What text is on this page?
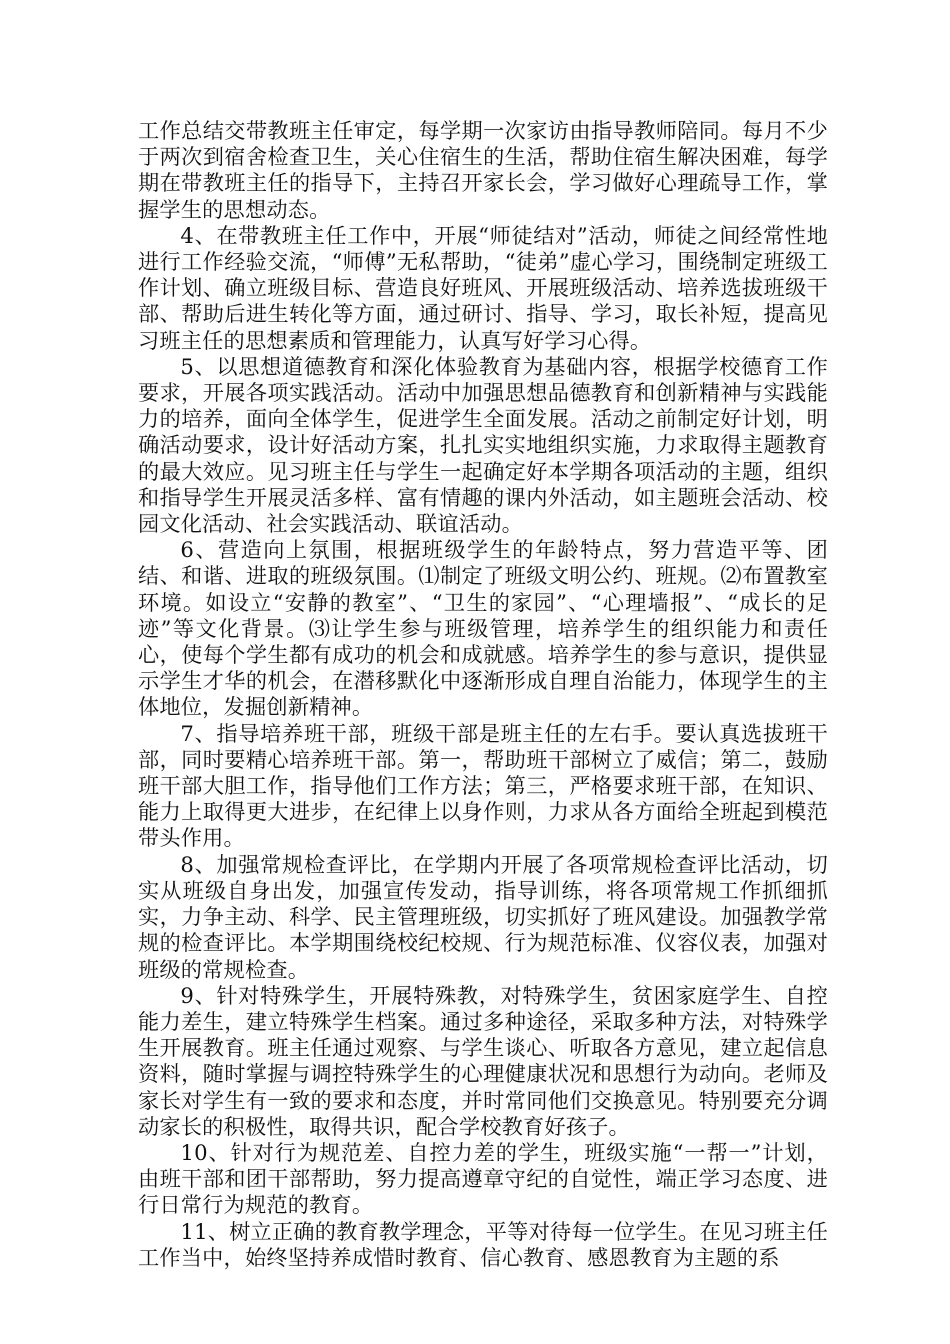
工作总结交带教班主任审定，每学期一次家访由指导教师陪同。每月不少于两次到宿舍检查卫生，关心住宿生的生活，帮助住宿生解决困难，每学期在带教班主任的指导下，主持召开家长会，学习做好心理疏导工作，掌握学生的思想动态。

4、在带教班主任工作中，开展“师徒结对”活动，师徒之间经常性地进行工作经验交流，“师傅”无私帮助，“徒弟”虚心学习，围绕制定班级工作计划、确立班级目标、营造良好班风、开展班级活动、培养选拔班级干部、帮助后进生转化等方面，通过研讨、指导、学习，取长补短，提高见习班主任的思想素质和管理能力，认真写好学习心得。

5、以思想道德教育和深化体验教育为基础内容，根据学校德育工作要求，开展各项实践活动。活动中加强思想品德教育和创新精神与实践能力的培养，面向全体学生，促进学生全面发展。活动之前制定好计划，明确活动要求，设计好活动方案，扎扎实实地组织实施，力求取得主题教育的最大效应。见习班主任与学生一起确定好本学期各项活动的主题，组织和指导学生开展灵活多样、富有情趣的课内外活动，如主题班会活动、校园文化活动、社会实践活动、联谊活动。

6、营造向上氛围，根据班级学生的年龄特点，努力营造平等、团结、和谐、进取的班级氛围。⑴制定了班级文明公约、班规。⑵布置教室环境。如设立“安静的教室”、“卫生的家园”、“心理墙报”、“成长的足迹”等文化背景。⑶让学生参与班级管理，培养学生的组织能力和责任心，使每个学生都有成功的机会和成就感。培养学生的参与意识，提供显示学生才华的机会，在潜移默化中逐渐形成自理自治能力，体现学生的主体地位，发掘创新精神。

7、指导培养班干部，班级干部是班主任的左右手。要认真选拔班干部，同时要精心培养班干部。第一，帮助班干部树立了威信；第二，鼓励班干部大胆工作，指导他们工作方法；第三，严格要求班干部，在知识、能力上取得更大进步，在纪律上以身作则，力求从各方面给全班起到模范带头作用。

8、加强常规检查评比，在学期内开展了各项常规检查评比活动，切实从班级自身出发，加强宣传发动，指导训练，将各项常规工作抓细抓实，力争主动、科学、民主管理班级，切实抓好了班风建设。加强教学常规的检查评比。本学期围绕校纪校规、行为规范标准、仪容仪表，加强对班级的常规检查。

9、针对特殊学生，开展特殊教，对特殊学生，贫困家庭学生、自控能力差生，建立特殊学生档案。通过多种途径，采取多种方法，对特殊学生开展教育。班主任通过观察、与学生谈心、听取各方意见，建立起信息资料，随时掌握与调控特殊学生的心理健康状况和思想行为动向。老师及家长对学生有一致的要求和态度，并时常同他们交换意见。特别要充分调动家长的积极性，取得共识，配合学校教育好孩子。

10、针对行为规范差、自控力差的学生，班级实施“一帮一”计划，由班干部和团干部帮助，努力提高遵章守纪的自觉性，端正学习态度、进行日常行为规范的教育。

11、树立正确的教育教学理念，平等对待每一位学生。在见习班主任工作当中，始终坚持养成惜时教育、信心教育、感恩教育为主题的系
